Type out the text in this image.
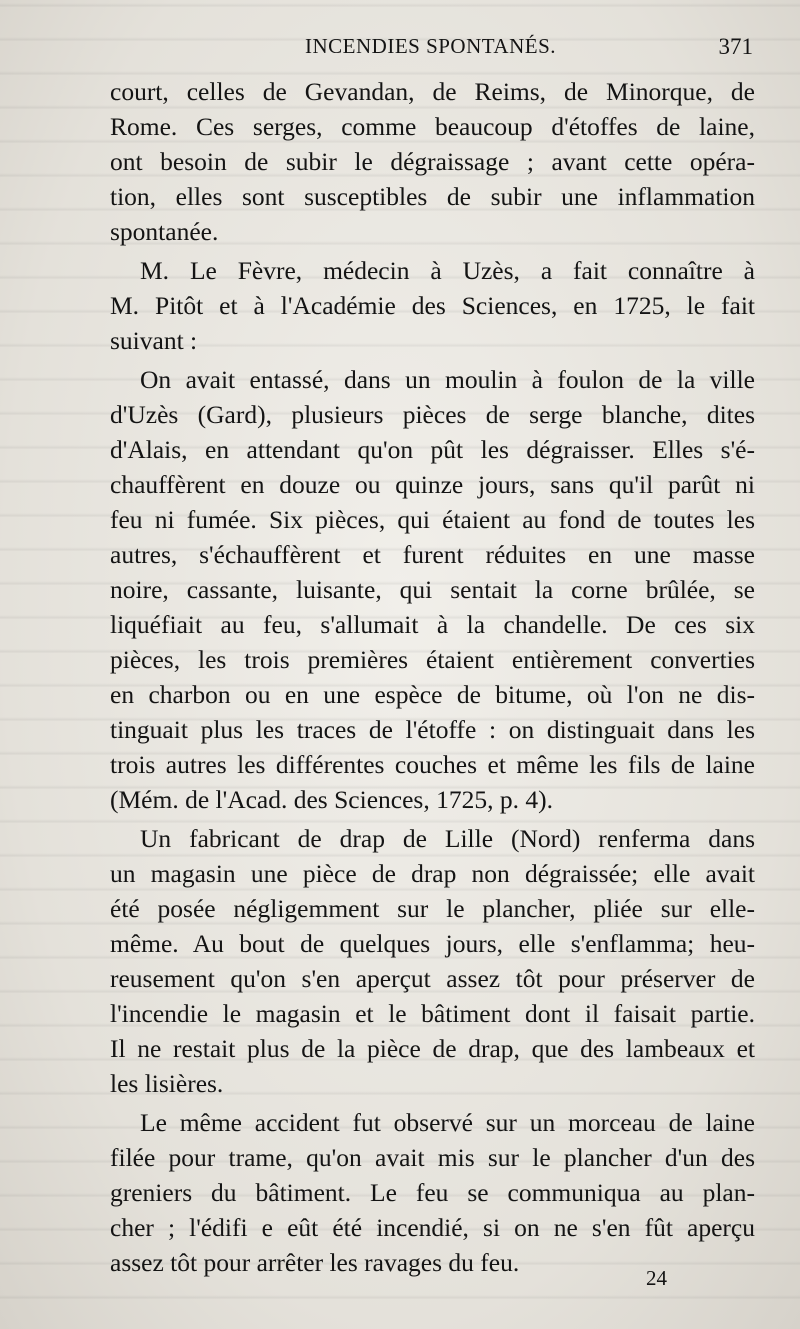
INCENDIES SPONTANÉS.	371
court, celles de Gevandan, de Reims, de Minorque, de
Rome. Ces serges, comme beaucoup d'étoffes de laine,
ont besoin de subir le dégraissage ; avant cette opéra-
tion, elles sont susceptibles de subir une inflammation
spontanée.
M. Le Fèvre, médecin à Uzès, a fait connaître à
M. Pitôt et à l'Académie des Sciences, en 1725, le fait
suivant :
On avait entassé, dans un moulin à foulon de la ville
d'Uzès (Gard), plusieurs pièces de serge blanche, dites
d'Alais, en attendant qu'on pût les dégraisser. Elles s'é-
chauffèrent en douze ou quinze jours, sans qu'il parût ni
feu ni fumée. Six pièces, qui étaient au fond de toutes les
autres, s'échauffèrent et furent réduites en une masse
noire, cassante, luisante, qui sentait la corne brûlée, se
liquéfiait au feu, s'allumait à la chandelle. De ces six
pièces, les trois premières étaient entièrement converties
en charbon ou en une espèce de bitume, où l'on ne dis-
tinguait plus les traces de l'étoffe : on distinguait dans les
trois autres les différentes couches et même les fils de laine
(Mém. de l'Acad. des Sciences, 1725, p. 4).
Un fabricant de drap de Lille (Nord) renferma dans
un magasin une pièce de drap non dégraissée; elle avait
été posée négligemment sur le plancher, pliée sur elle-
même. Au bout de quelques jours, elle s'enflamma; heu-
reusement qu'on s'en aperçut assez tôt pour préserver de
l'incendie le magasin et le bâtiment dont il faisait partie.
Il ne restait plus de la pièce de drap, que des lambeaux et
les lisières.
Le même accident fut observé sur un morceau de laine
filée pour trame, qu'on avait mis sur le plancher d'un des
greniers du bâtiment. Le feu se communiqua au plan-
cher ; l'édifi e eût été incendié, si on ne s'en fût aperçu
assez tôt pour arrêter les ravages du feu.
24
